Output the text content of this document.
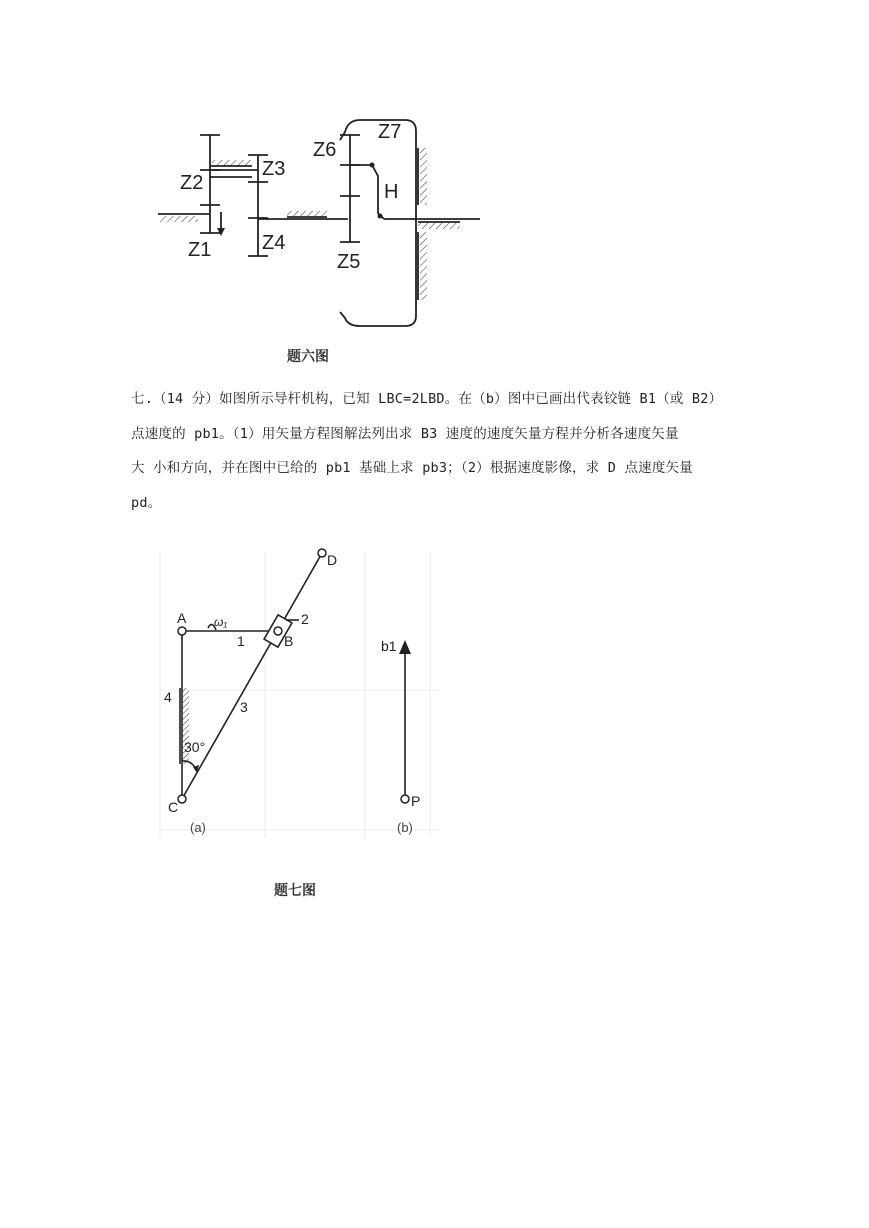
Z1
Z2
Z3
Z4
Z5
Z6
Z7
H
题六图

七.（14 分）如图所示导杆机构，已知 LBC=2LBD。在（b）图中已画出代表铰链 B1（或 B2）

点速度的 pb1。（1）用矢量方程图解法列出求 B3 速度的速度矢量方程并分析各速度矢量

大 小和方向，并在图中已给的 pb1 基础上求 pb3；（2）根据速度影像，求 D 点速度矢量

pd。

A
B
C
D
1
2
3
4
30°
ω₁
b1
P
(a)	(b)
题七图
